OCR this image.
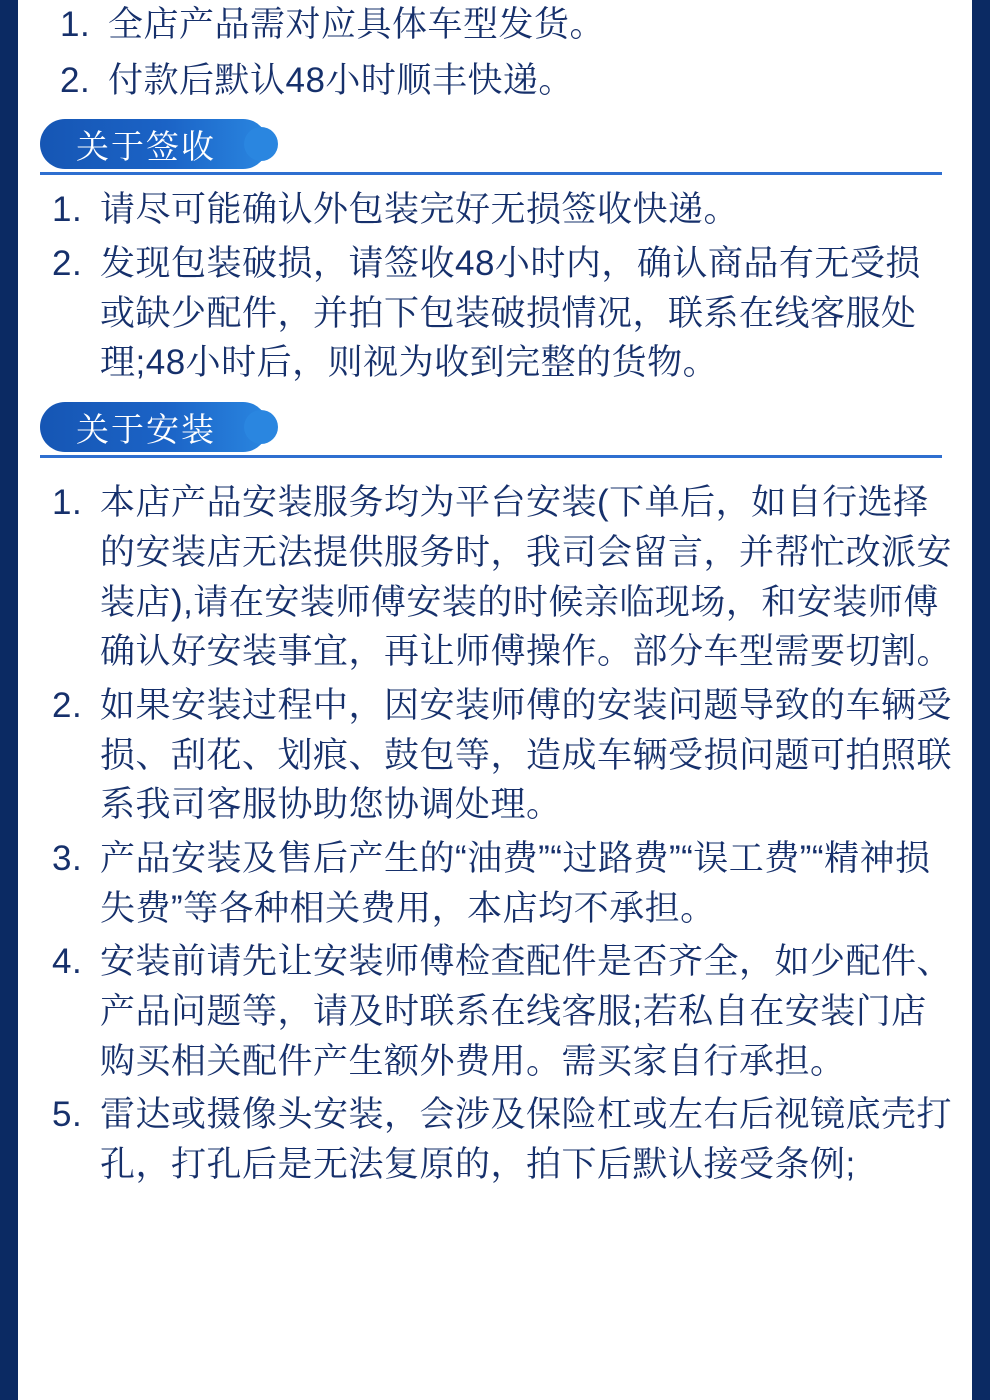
1. 全店产品需对应具体车型发货。
2. 付款后默认48小时顺丰快递。
关于签收
1. 请尽可能确认外包装完好无损签收快递。
2. 发现包装破损，请签收48小时内，确认商品有无受损或缺少配件，并拍下包装破损情况，联系在线客服处理;48小时后，则视为收到完整的货物。
关于安装
1. 本店产品安装服务均为平台安装(下单后，如自行选择的安装店无法提供服务时，我司会留言，并帮忙改派安装店),请在安装师傅安装的时候亲临现场，和安装师傅确认好安装事宜，再让师傅操作。部分车型需要切割。
2. 如果安装过程中，因安装师傅的安装问题导致的车辆受损、刮花、划痕、鼓包等，造成车辆受损问题可拍照联系我司客服协助您协调处理。
3. 产品安装及售后产生的“油费”“过路费”“误工费”“精神损失费”等各种相关费用，本店均不承担。
4. 安装前请先让安装师傅检查配件是否齐全，如少配件、产品问题等，请及时联系在线客服;若私自在安装门店购买相关配件产生额外费用。需买家自行承担。
5. 雷达或摄像头安装，会涉及保险杠或左右后视镜底壳打孔，打孔后是无法复原的，拍下后默认接受条例;
